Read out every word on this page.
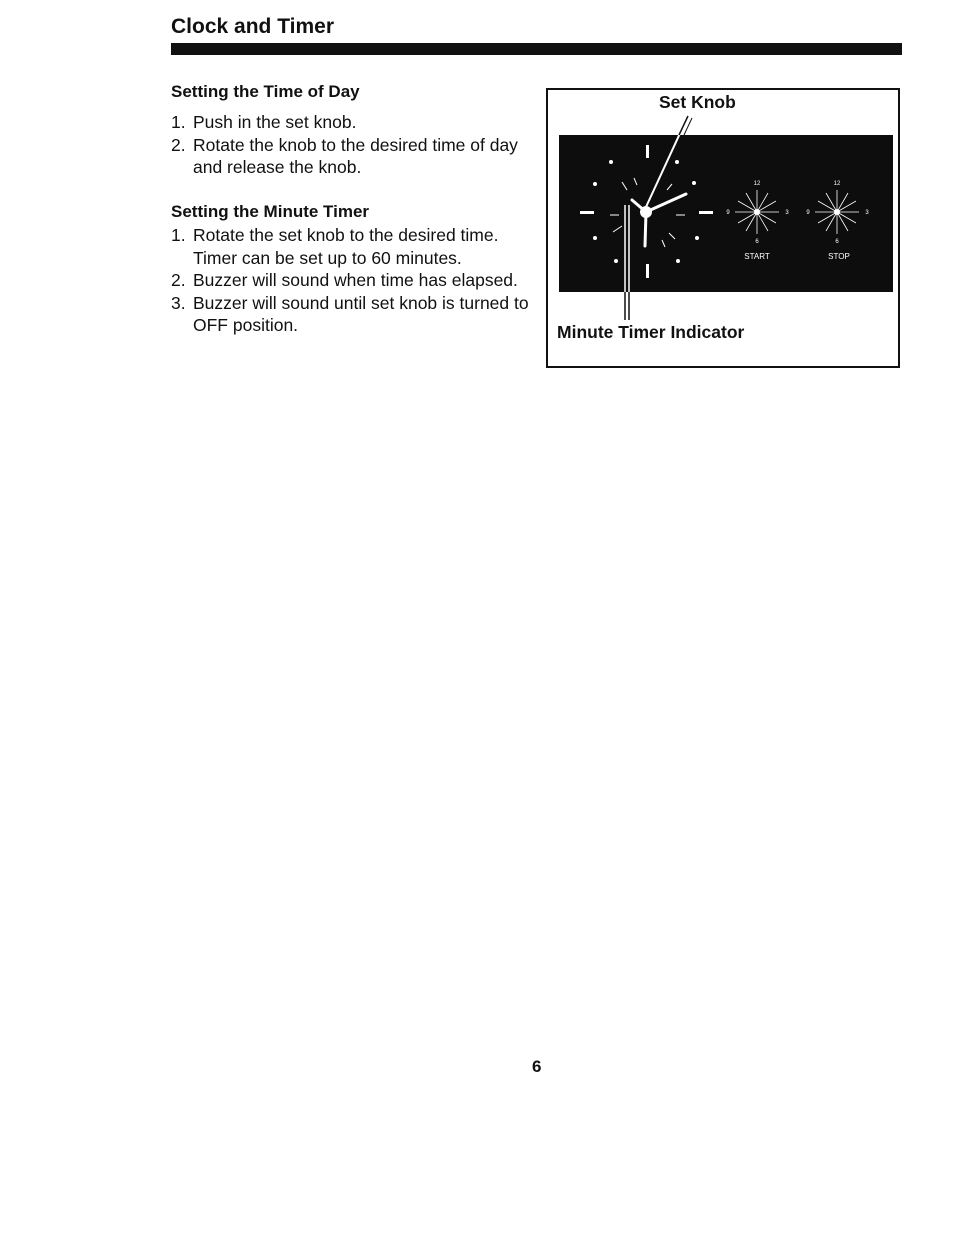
Clock and Timer
Setting the Time of Day
1. Push in the set knob.
2. Rotate the knob to the desired time of day and release the knob.
Setting the Minute Timer
1. Rotate the set knob to the desired time. Timer can be set up to 60 minutes.
2. Buzzer will sound when time has elapsed.
3. Buzzer will sound until set knob is turned to OFF position.
12
3
6
9
START
12
3
6
9
STOP
Set Knob
Minute Timer Indicator
6
